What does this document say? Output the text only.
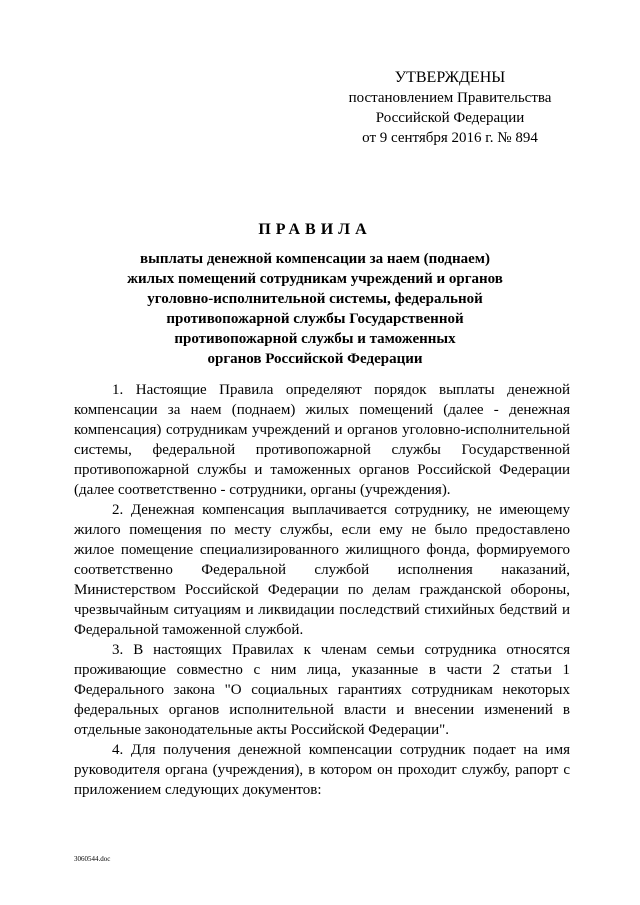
УТВЕРЖДЕНЫ
постановлением Правительства
Российской Федерации
от 9 сентября 2016 г. № 894
ПРАВИЛА
выплаты денежной компенсации за наем (поднаем)
жилых помещений сотрудникам учреждений и органов
уголовно-исполнительной системы, федеральной
противопожарной службы Государственной
противопожарной службы и таможенных
органов Российской Федерации

1. Настоящие Правила определяют порядок выплаты денежной компенсации за наем (поднаем) жилых помещений (далее - денежная компенсация) сотрудникам учреждений и органов уголовно-исполнительной системы, федеральной противопожарной службы Государственной противопожарной службы и таможенных органов Российской Федерации (далее соответственно - сотрудники, органы (учреждения).

2. Денежная компенсация выплачивается сотруднику, не имеющему жилого помещения по месту службы, если ему не было предоставлено жилое помещение специализированного жилищного фонда, формируемого соответственно Федеральной службой исполнения наказаний, Министерством Российской Федерации по делам гражданской обороны, чрезвычайным ситуациям и ликвидации последствий стихийных бедствий и Федеральной таможенной службой.

3. В настоящих Правилах к членам семьи сотрудника относятся проживающие совместно с ним лица, указанные в части 2 статьи 1 Федерального закона "О социальных гарантиях сотрудникам некоторых федеральных органов исполнительной власти и внесении изменений в отдельные законодательные акты Российской Федерации".

4. Для получения денежной компенсации сотрудник подает на имя руководителя органа (учреждения), в котором он проходит службу, рапорт с приложением следующих документов:

3060544.doc
